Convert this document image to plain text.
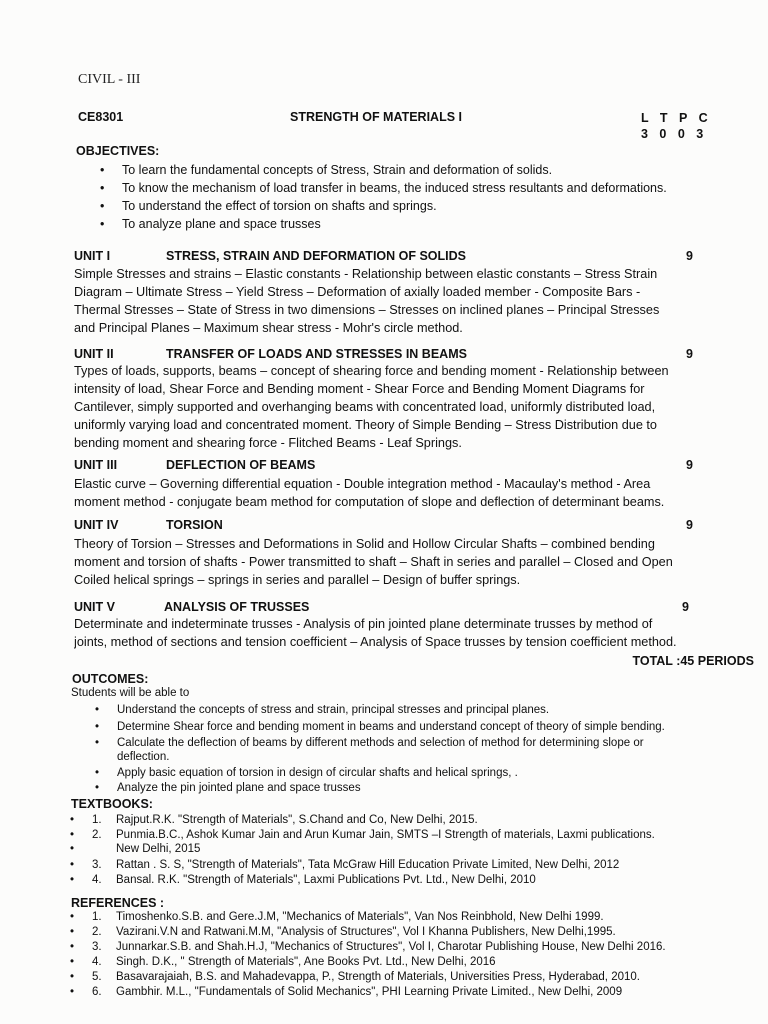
CIVIL - III
CE8301	STRENGTH OF MATERIALS I	L T P C
3 0 0 3
OBJECTIVES:
• To learn the fundamental concepts of Stress, Strain and deformation of solids.
• To know the mechanism of load transfer in beams, the induced stress resultants and deformations.
• To understand the effect of torsion on shafts and springs.
• To analyze plane and space trusses
UNIT I	STRESS, STRAIN AND DEFORMATION OF SOLIDS	9
Simple Stresses and strains – Elastic constants - Relationship between elastic constants – Stress Strain
Diagram – Ultimate Stress – Yield Stress – Deformation of axially loaded member - Composite Bars -
Thermal Stresses – State of Stress in two dimensions – Stresses on inclined planes – Principal Stresses
and Principal Planes – Maximum shear stress - Mohr's circle method.
UNIT II	TRANSFER OF LOADS AND STRESSES IN BEAMS	9
Types of loads, supports, beams – concept of shearing force and bending moment - Relationship between
intensity of load, Shear Force and Bending moment - Shear Force and Bending Moment Diagrams for
Cantilever, simply supported and overhanging beams with concentrated load, uniformly distributed load,
uniformly varying load and concentrated moment. Theory of Simple Bending – Stress Distribution due to
bending moment and shearing force - Flitched Beams - Leaf Springs.
UNIT III	DEFLECTION OF BEAMS	9
Elastic curve – Governing differential equation - Double integration method - Macaulay's method - Area
moment method - conjugate beam method for computation of slope and deflection of determinant beams.
UNIT IV	TORSION	9
Theory of Torsion – Stresses and Deformations in Solid and Hollow Circular Shafts – combined bending
moment and torsion of shafts - Power transmitted to shaft – Shaft in series and parallel – Closed and Open
Coiled helical springs – springs in series and parallel – Design of buffer springs.
UNIT V	ANALYSIS OF TRUSSES	9
Determinate and indeterminate trusses - Analysis of pin jointed plane determinate trusses by method of
joints, method of sections and tension coefficient – Analysis of Space trusses by tension coefficient method.
TOTAL :45 PERIODS
OUTCOMES:
Students will be able to
• Understand the concepts of stress and strain, principal stresses and principal planes.
• Determine Shear force and bending moment in beams and understand concept of theory of simple bending.
• Calculate the deflection of beams by different methods and selection of method for determining slope or
deflection.
• Apply basic equation of torsion in design of circular shafts and helical springs, .
• Analyze the pin jointed plane and space trusses
TEXTBOOKS:
• 1. Rajput.R.K. "Strength of Materials", S.Chand and Co, New Delhi, 2015.
• 2. Punmia.B.C., Ashok Kumar Jain and Arun Kumar Jain, SMTS –I Strength of materials, Laxmi publications.
• New Delhi, 2015
• 3. Rattan . S. S, "Strength of Materials", Tata McGraw Hill Education Private Limited, New Delhi, 2012
• 4. Bansal. R.K. "Strength of Materials", Laxmi Publications Pvt. Ltd., New Delhi, 2010
REFERENCES :
• 1. Timoshenko.S.B. and Gere.J.M, "Mechanics of Materials", Van Nos Reinbhold, New Delhi 1999.
• 2. Vazirani.V.N and Ratwani.M.M, "Analysis of Structures", Vol I Khanna Publishers, New Delhi,1995.
• 3. Junnarkar.S.B. and Shah.H.J, "Mechanics of Structures", Vol I, Charotar Publishing House, New Delhi 2016.
• 4. Singh. D.K., " Strength of Materials", Ane Books Pvt. Ltd., New Delhi, 2016
• 5. Basavarajaiah, B.S. and Mahadevappa, P., Strength of Materials, Universities Press, Hyderabad, 2010.
• 6. Gambhir. M.L., "Fundamentals of Solid Mechanics", PHI Learning Private Limited., New Delhi, 2009
